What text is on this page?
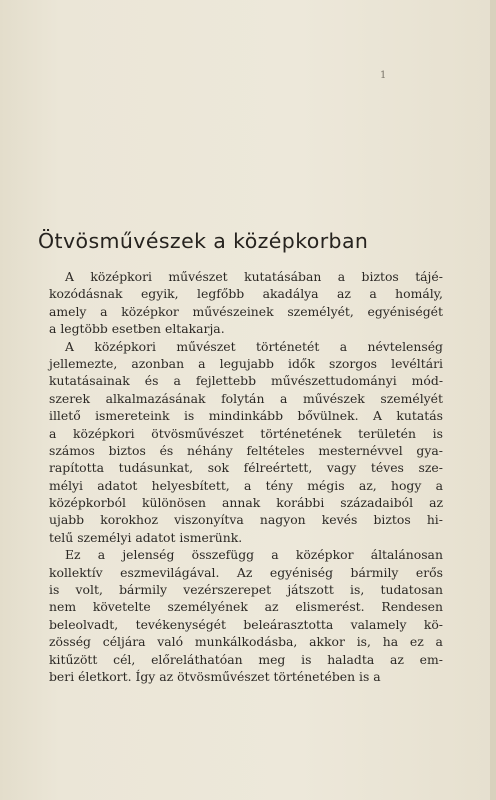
1
Ötvösművészek a középkorban

A középkori művészet kutatásában a biztos tájé-
kozódásnak egyik, legfőbb akadálya az a homály,
amely a középkor művészeinek személyét, egyéniségét
a legtöbb esetben eltakarja.

A középkori művészet történetét a névtelenség
jellemezte, azonban a legujabb idők szorgos levéltári
kutatásainak és a fejlettebb művészettudományi mód-
szerek alkalmazásának folytán a művészek személyét
illető ismereteink is mindinkább bővülnek. A kutatás
a középkori ötvösművészet történetének területén is
számos biztos és néhány feltételes mesternévvel gya-
rapította tudásunkat, sok félreértett, vagy téves sze-
mélyi adatot helyesbített, a tény mégis az, hogy a
középkorból különösen annak korábbi századaiból az
ujabb korokhoz viszonyítva nagyon kevés biztos hi-
telű személyi adatot ismerünk.

Ez a jelenség összefügg a középkor általánosan
kollektív eszmevilágával. Az egyéniség bármily erős
is volt, bármily vezérszerepet játszott is, tudatosan
nem követelte személyének az elismerést. Rendesen
beleolvadt, tevékenységét beleárasztotta valamely kö-
zösség céljára való munkálkodásba, akkor is, ha ez a
kitűzött cél, előreláthatóan meg is haladta az em-
beri életkort. Így az ötvösművészet történetében is a
